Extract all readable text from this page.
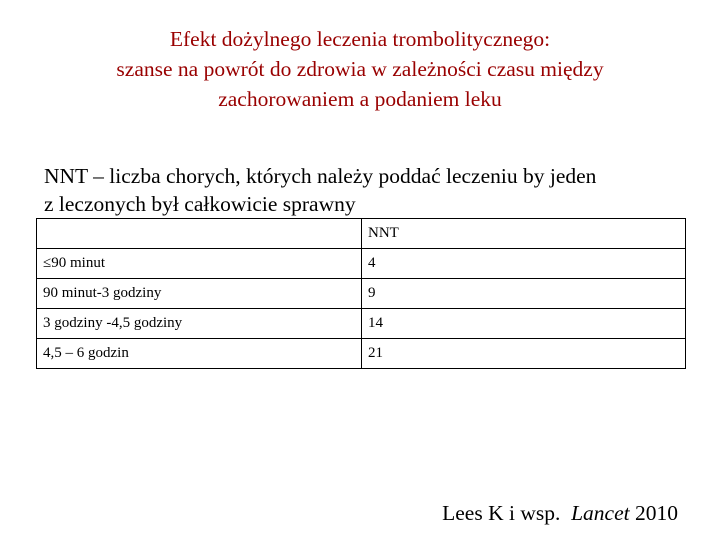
Efekt dożylnego leczenia trombolitycznego:
szanse na powrót do zdrowia w zależności czasu między
zachorowaniem a podaniem leku
NNT – liczba chorych, których należy poddać leczeniu by jeden
z leczonych był całkowicie sprawny
	NNT
≤90 minut	4
90 minut-3 godziny	9
3 godziny -4,5 godziny	14
4,5 – 6 godzin	21
Lees K i wsp. Lancet 2010
